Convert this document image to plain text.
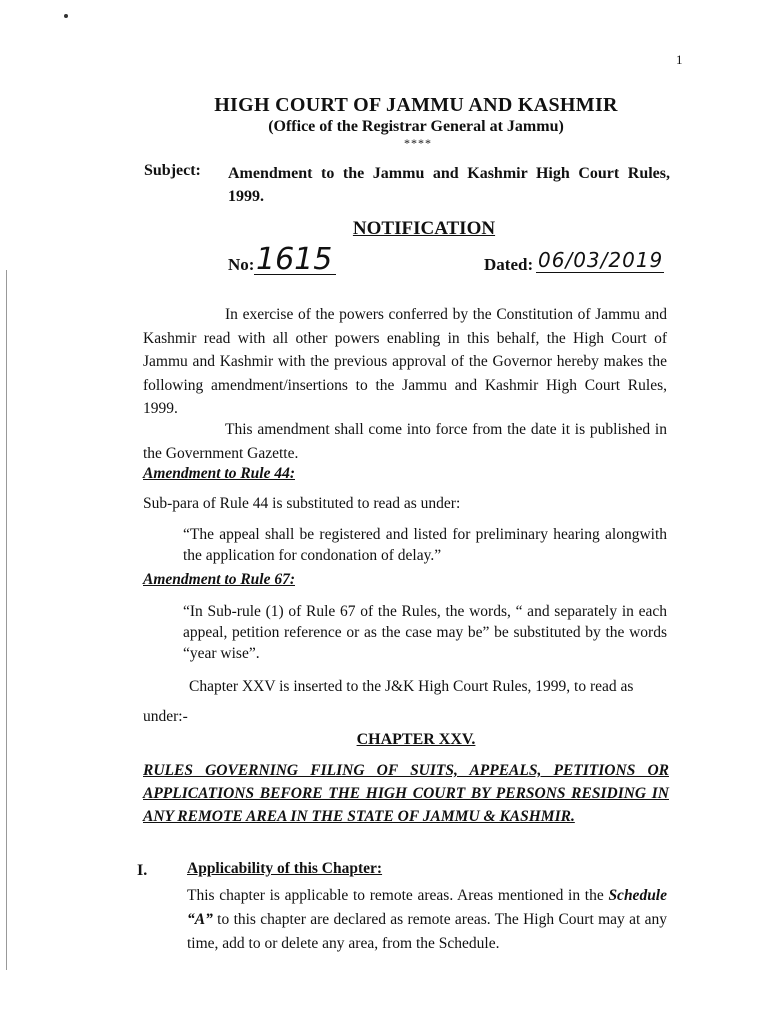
1
HIGH COURT OF JAMMU AND KASHMIR
(Office of the Registrar General at Jammu)
****
Subject: Amendment to the Jammu and Kashmir High Court Rules, 1999.
NOTIFICATION
No: 1615	Dated: 06/03/2019
In exercise of the powers conferred by the Constitution of Jammu and Kashmir read with all other powers enabling in this behalf, the High Court of Jammu and Kashmir with the previous approval of the Governor hereby makes the following amendment/insertions to the Jammu and Kashmir High Court Rules, 1999.
This amendment shall come into force from the date it is published in the Government Gazette.
Amendment to Rule 44:
Sub-para of Rule 44 is substituted to read as under:
“The appeal shall be registered and listed for preliminary hearing alongwith the application for condonation of delay.”
Amendment to Rule 67:
“In Sub-rule (1) of Rule 67 of the Rules, the words, “ and separately in each appeal, petition reference or as the case may be” be substituted by the words “year wise”.
Chapter XXV is inserted to the J&K High Court Rules, 1999, to read as under:-
CHAPTER XXV.
RULES GOVERNING FILING OF SUITS, APPEALS, PETITIONS OR APPLICATIONS BEFORE THE HIGH COURT BY PERSONS RESIDING IN ANY REMOTE AREA IN THE STATE OF JAMMU & KASHMIR.
I.	Applicability of this Chapter:
This chapter is applicable to remote areas. Areas mentioned in the Schedule “A” to this chapter are declared as remote areas. The High Court may at any time, add to or delete any area, from the Schedule.
